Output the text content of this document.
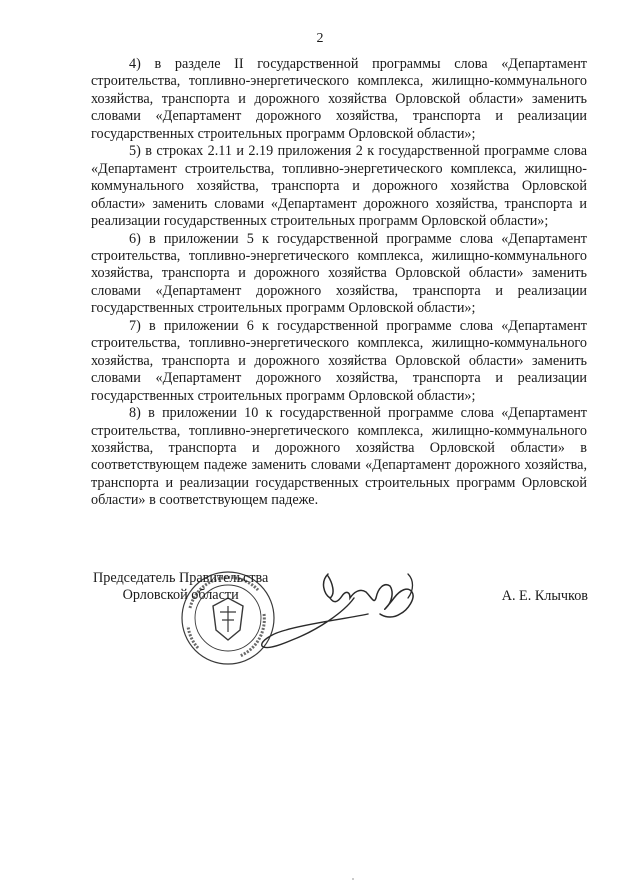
2

4) в разделе II государственной программы слова «Департамент строительства, топливно-энергетического комплекса, жилищно-коммунального хозяйства, транспорта и дорожного хозяйства Орловской области» заменить словами «Департамент дорожного хозяйства, транспорта и реализации государственных строительных программ Орловской области»;

5) в строках 2.11 и 2.19 приложения 2 к государственной программе слова «Департамент строительства, топливно-энергетического комплекса, жилищно-коммунального хозяйства, транспорта и дорожного хозяйства Орловской области» заменить словами «Департамент дорожного хозяйства, транспорта и реализации государственных строительных программ Орловской области»;

6) в приложении 5 к государственной программе слова «Департамент строительства, топливно-энергетического комплекса, жилищно-коммунального хозяйства, транспорта и дорожного хозяйства Орловской области» заменить словами «Департамент дорожного хозяйства, транспорта и реализации государственных строительных программ Орловской области»;

7) в приложении 6 к государственной программе слова «Департамент строительства, топливно-энергетического комплекса, жилищно-коммунального хозяйства, транспорта и дорожного хозяйства Орловской области» заменить словами «Департамент дорожного хозяйства, транспорта и реализации государственных строительных программ Орловской области»;

8) в приложении 10 к государственной программе слова «Департамент строительства, топливно-энергетического комплекса, жилищно-коммунального хозяйства, транспорта и дорожного хозяйства Орловской области» в соответствующем падеже заменить словами «Департамент дорожного хозяйства, транспорта и реализации государственных строительных программ Орловской области» в соответствующем падеже.

Председатель Правительства
Орловской области	А. Е. Клычков
